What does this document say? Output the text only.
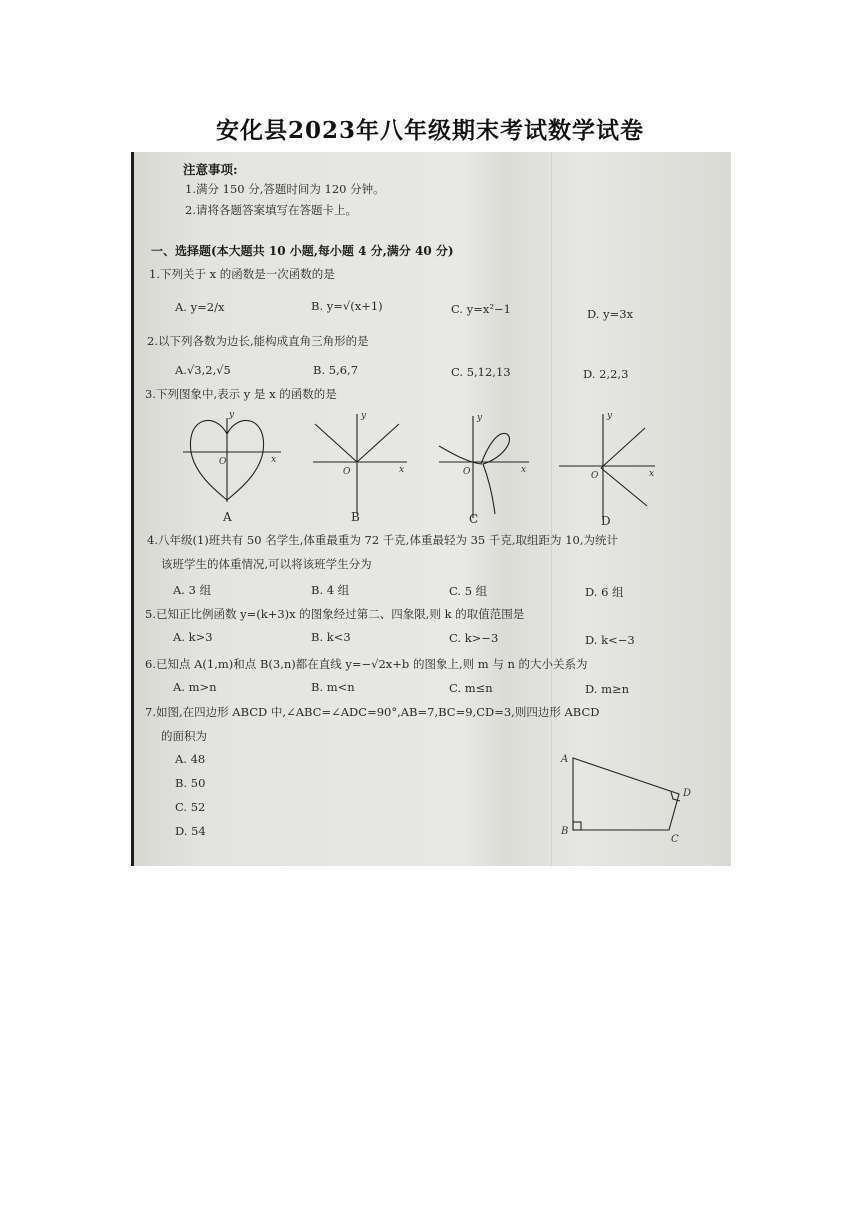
安化县2023年八年级期末考试数学试卷
注意事项:
1.满分 150 分,答题时间为 120 分钟。
2.请将各题答案填写在答题卡上。
一、选择题(本大题共 10 小题,每小题 4 分,满分 40 分)
1.下列关于 x 的函数是一次函数的是
A. y=2/x	B. y=√(x+1)	C. y=x²−1	D. y=3x
2.以下列各数为边长,能构成直角三角形的是
A.√3,2,√5	B. 5,6,7	C. 5,12,13	D. 2,2,3
3.下列图象中,表示 y 是 x 的函数的是
y
x
O
y
x
O
y
x
O
y
x
O
A	B	C	D
4.八年级(1)班共有 50 名学生,体重最重为 72 千克,体重最轻为 35 千克,取组距为 10,为统计
该班学生的体重情况,可以将该班学生分为
A. 3 组	B. 4 组	C. 5 组	D. 6 组
5.已知正比例函数 y=(k+3)x 的图象经过第二、四象限,则 k 的取值范围是
A. k>3	B. k<3	C. k>−3	D. k<−3
6.已知点 A(1,m)和点 B(3,n)都在直线 y=−√2x+b 的图象上,则 m 与 n 的大小关系为
A. m>n	B. m<n	C. m≤n	D. m≥n
7.如图,在四边形 ABCD 中,∠ABC=∠ADC=90°,AB=7,BC=9,CD=3,则四边形 ABCD
的面积为
A. 48
B. 50
C. 52
D. 54
A
B
C
D
